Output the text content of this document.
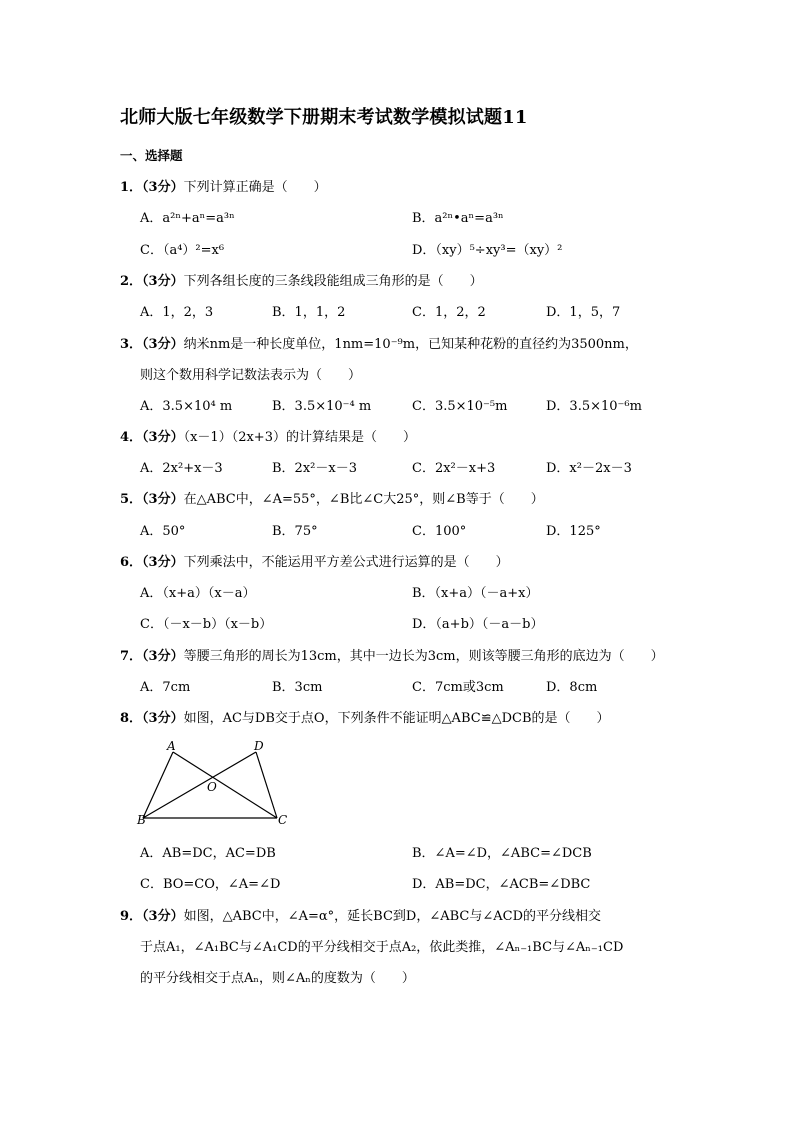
北师大版七年级数学下册期末考试数学模拟试题11
一、选择题
1．（3分）下列计算正确是（　　）
A．a²ⁿ+aⁿ=a³ⁿ	B．a²ⁿ•aⁿ=a³ⁿ
C．（a⁴）²=x⁶	D．（xy）⁵÷xy³=（xy）²
2．（3分）下列各组长度的三条线段能组成三角形的是（　　）
A．1，2，3	B．1，1，2	C．1，2，2	D．1，5，7
3．（3分）纳米nm是一种长度单位，1nm=10⁻⁹m，已知某种花粉的直径约为3500nm，
则这个数用科学记数法表示为（　　）
A．3.5×10⁴ m	B．3.5×10⁻⁴ m	C．3.5×10⁻⁵m	D．3.5×10⁻⁶m
4．（3分）（x－1）（2x+3）的计算结果是（　　）
A．2x²+x－3	B．2x²－x－3	C．2x²－x+3	D．x²－2x－3
5．（3分）在△ABC中，∠A=55°，∠B比∠C大25°，则∠B等于（　　）
A．50°	B．75°	C．100°	D．125°
6．（3分）下列乘法中，不能运用平方差公式进行运算的是（　　）
A．（x+a）（x－a）	B．（x+a）（－a+x）
C．（－x－b）（x－b）	D．（a+b）（－a－b）
7．（3分）等腰三角形的周长为13cm，其中一边长为3cm，则该等腰三角形的底边为（　　）
A．7cm	B．3cm	C．7cm或3cm	D．8cm
8．（3分）如图，AC与DB交于点O，下列条件不能证明△ABC≌△DCB的是（　　）
A	D
O
B	C
A．AB=DC，AC=DB	B．∠A=∠D，∠ABC=∠DCB
C．BO=CO，∠A=∠D	D．AB=DC，∠ACB=∠DBC
9．（3分）如图，△ABC中，∠A=α°，延长BC到D，∠ABC与∠ACD的平分线相交
于点A₁，∠A₁BC与∠A₁CD的平分线相交于点A₂，依此类推，∠Aₙ₋₁BC与∠Aₙ₋₁CD
的平分线相交于点Aₙ，则∠Aₙ的度数为（　　）
